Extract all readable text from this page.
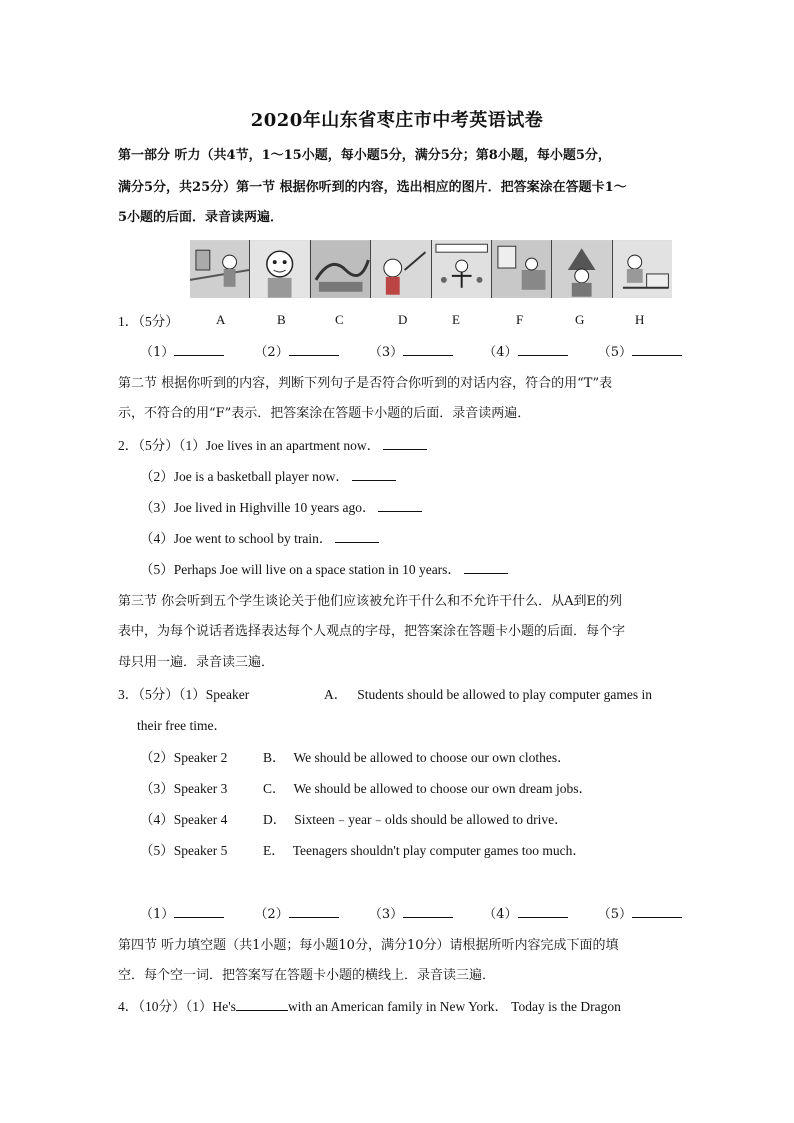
2020年山东省枣庄市中考英语试卷
第一部分 听力（共4节，1～15小题，每小题5分，满分5分；第8小题，每小题5分，
满分5分，共25分）第一节 根据你听到的内容，选出相应的图片．把答案涂在答题卡1～
5小题的后面．录音读两遍．
1．（5分）	A	B	C	D	E	F	G	H
（1）	（2）	（3）	（4）	（5）
第二节 根据你听到的内容，判断下列句子是否符合你听到的对话内容，符合的用“T”表
示，不符合的用“F”表示．把答案涂在答题卡小题的后面．录音读两遍．
2．（5分）（1）Joe lives in an apartment now．
（2）Joe is a basketball player now．
（3）Joe lived in Highville 10 years ago．
（4）Joe went to school by train．
（5）Perhaps Joe will live on a space station in 10 years．
第三节 你会听到五个学生谈论关于他们应该被允许干什么和不允许干什么．从A到E的列
表中，为每个说话者选择表达每个人观点的字母，把答案涂在答题卡小题的后面．每个字
母只用一遍．录音读三遍．
3．（5分）（1）Speaker	A． Students should be allowed to play computer games in
their free time．
（2）Speaker 2	B． We should be allowed to choose our own clothes．
（3）Speaker 3	C． We should be allowed to choose our own dream jobs．
（4）Speaker 4	D． Sixteen﹣year﹣olds should be allowed to drive．
（5）Speaker 5	E． Teenagers shouldn't play computer games too much．
（1）	（2）	（3）	（4）	（5）
第四节 听力填空题（共1小题；每小题10分，满分10分）请根据所听内容完成下面的填
空．每个空一词．把答案写在答题卡小题的横线上．录音读三遍．
4．（10分）（1）He's	with an American family in New York． Today is the Dragon
